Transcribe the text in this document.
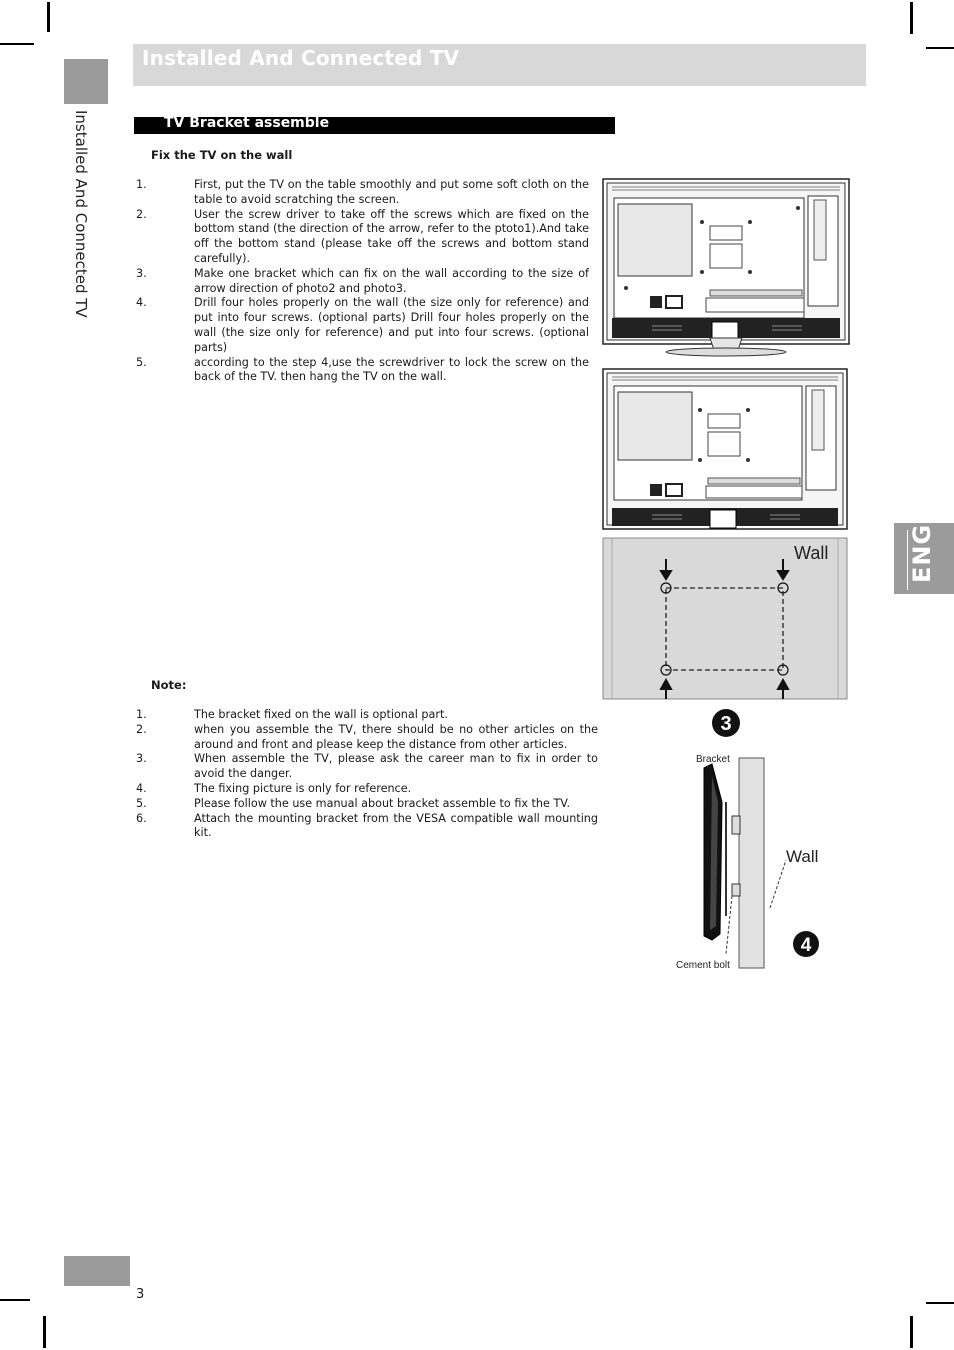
Installed And Connected TV
Installed And Connected TV	TV Bracket assemble
Fix the TV on the wall
1.	First, put the TV on the table smoothly and put some soft cloth on the table to avoid scratching the screen.
2.	User the screw driver to take off the screws which are fixed on the bottom stand (the direction of the arrow, refer to the ptoto1).And take off the bottom stand (please take off the screws and bottom stand carefully).
3.	Make one bracket which can fix on the wall according to the size of arrow direction of photo2 and photo3.
4.	Drill four holes properly on the wall (the size only for reference) and put into four screws. (optional parts) Drill four holes properly on the wall (the size only for reference) and put into four screws. (optional parts)
5.	according to the step 4,use the screwdriver to lock the screw on the back of the TV. then hang the TV on the wall.
Note:
1.	The bracket fixed on the wall is optional part.
2.	when you assemble the TV, there should be no other articles on the around and front and please keep the distance from other articles.
3.	When assemble the TV, please ask the career man to fix in order to avoid the danger.
4.	The fixing picture is only for reference.
5.	Please follow the use manual about bracket assemble to fix the TV.
6.	Attach the mounting bracket from the VESA compatible wall mounting kit.
Wall
3
Bracket
Wall
4
Cement bolt
ENG
3
